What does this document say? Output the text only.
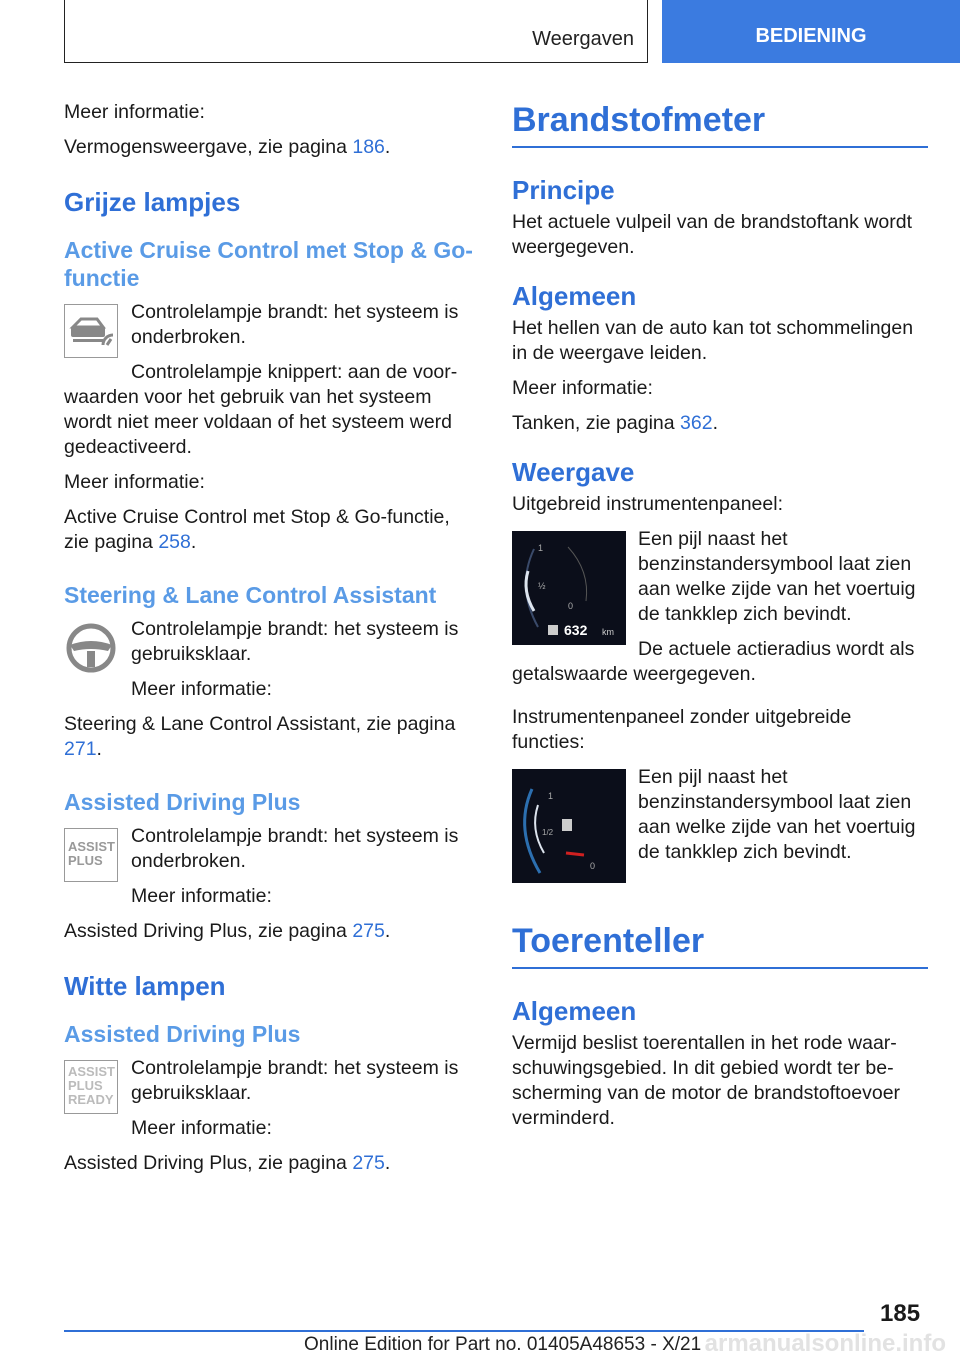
Weergaven	BEDIENING

Meer informatie:

Vermogensweergave, zie pagina 186.

Grijze lampjes
Active Cruise Control met Stop & Go-functie

Controlelampje brandt: het systeem is onderbroken.

Controlelampje knippert: aan de voorwaarden voor het gebruik van het systeem wordt niet meer voldaan of het systeem werd gedeactiveerd.

Meer informatie:

Active Cruise Control met Stop & Go-functie, zie pagina 258.

Steering & Lane Control Assistant

Controlelampje brandt: het systeem is gebruiksklaar.

Meer informatie:

Steering & Lane Control Assistant, zie pagina 271.

Assisted Driving Plus
ASSIST PLUS

Controlelampje brandt: het systeem is onderbroken.

Meer informatie:

Assisted Driving Plus, zie pagina 275.

Witte lampen
Assisted Driving Plus
ASSIST PLUS READY

Controlelampje brandt: het systeem is gebruiksklaar.

Meer informatie:

Assisted Driving Plus, zie pagina 275.

Brandstofmeter
Principe

Het actuele vulpeil van de brandstoftank wordt weergegeven.

Algemeen

Het hellen van de auto kan tot schommelingen in de weergave leiden.

Meer informatie:

Tanken, zie pagina 362.

Weergave

Uitgebreid instrumentenpaneel:

1
½
0
632 km

Een pijl naast het benzinstandersymbool laat zien aan welke zijde van het voertuig de tankklep zich bevindt.

De actuele actieradius wordt als getalswaarde weergegeven.

Instrumentenpaneel zonder uitgebreide functies:

1
1/2
0

Een pijl naast het benzinstandersymbool laat zien aan welke zijde van het voertuig de tankklep zich bevindt.

Toerenteller
Algemeen

Vermijd beslist toerentallen in het rode waarschuwingsgebied. In dit gebied wordt ter bescherming van de motor de brandstoftoevoer verminderd.

185
Online Edition for Part no. 01405A48653 - X/21 armanualsonline.info
